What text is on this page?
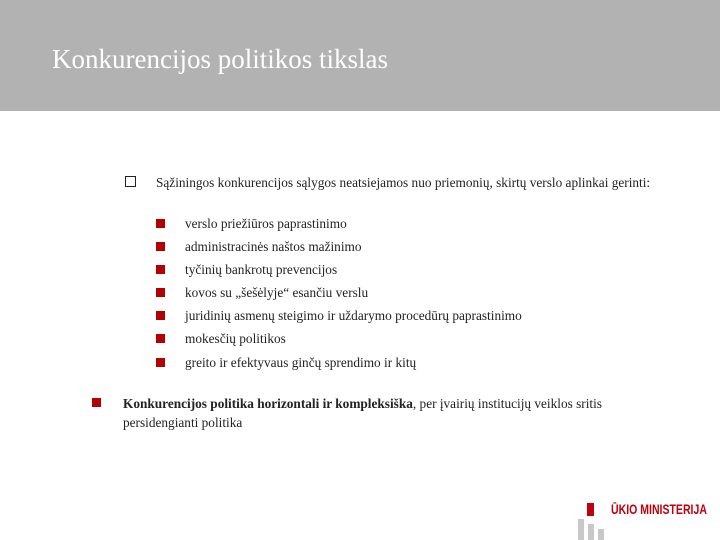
Konkurencijos politikos tikslas
Sąžiningos konkurencijos sąlygos neatsiejamos nuo priemonių, skirtų verslo aplinkai gerinti:
verslo priežiūros paprastinimo
administracinės naštos mažinimo
tyčinių bankrotų prevencijos
kovos su „šešėlyje“ esančiu verslu
juridinių asmenų steigimo ir uždarymo procedūrų paprastinimo
mokesčių politikos
greito ir efektyvaus ginčų sprendimo ir kitų
Konkurencijos politika horizontali ir kompleksiška, per įvairių institucijų veiklos sritis persidengianti politika
ŪKIO MINISTERIJA
